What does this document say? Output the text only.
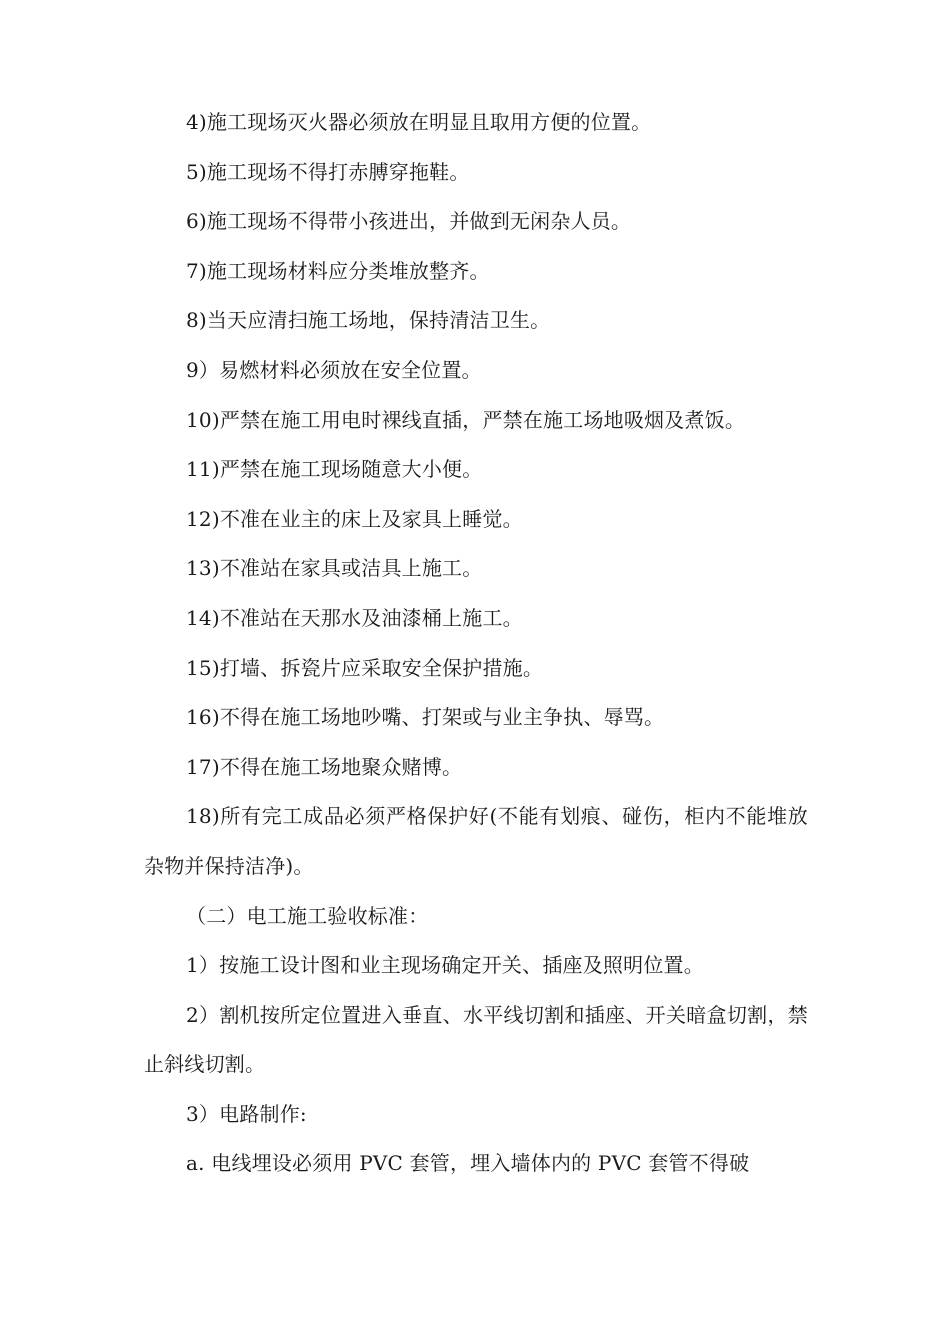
4)施工现场灭火器必须放在明显且取用方便的位置。

5)施工现场不得打赤膊穿拖鞋。

6)施工现场不得带小孩进出，并做到无闲杂人员。

7)施工现场材料应分类堆放整齐。

8)当天应清扫施工场地，保持清洁卫生。

9）易燃材料必须放在安全位置。

10)严禁在施工用电时裸线直插，严禁在施工场地吸烟及煮饭。

11)严禁在施工现场随意大小便。

12)不准在业主的床上及家具上睡觉。

13)不准站在家具或洁具上施工。

14)不准站在天那水及油漆桶上施工。

15)打墙、拆瓷片应采取安全保护措施。

16)不得在施工场地吵嘴、打架或与业主争执、辱骂。

17)不得在施工场地聚众赌博。

18)所有完工成品必须严格保护好(不能有划痕、碰伤，柜内不能堆放杂物并保持洁净)。

（二）电工施工验收标准：

1）按施工设计图和业主现场确定开关、插座及照明位置。

2）割机按所定位置进入垂直、水平线切割和插座、开关暗盒切割，禁止斜线切割。

3）电路制作:

a. 电线埋设必须用 PVC 套管，埋入墙体内的 PVC 套管不得破
